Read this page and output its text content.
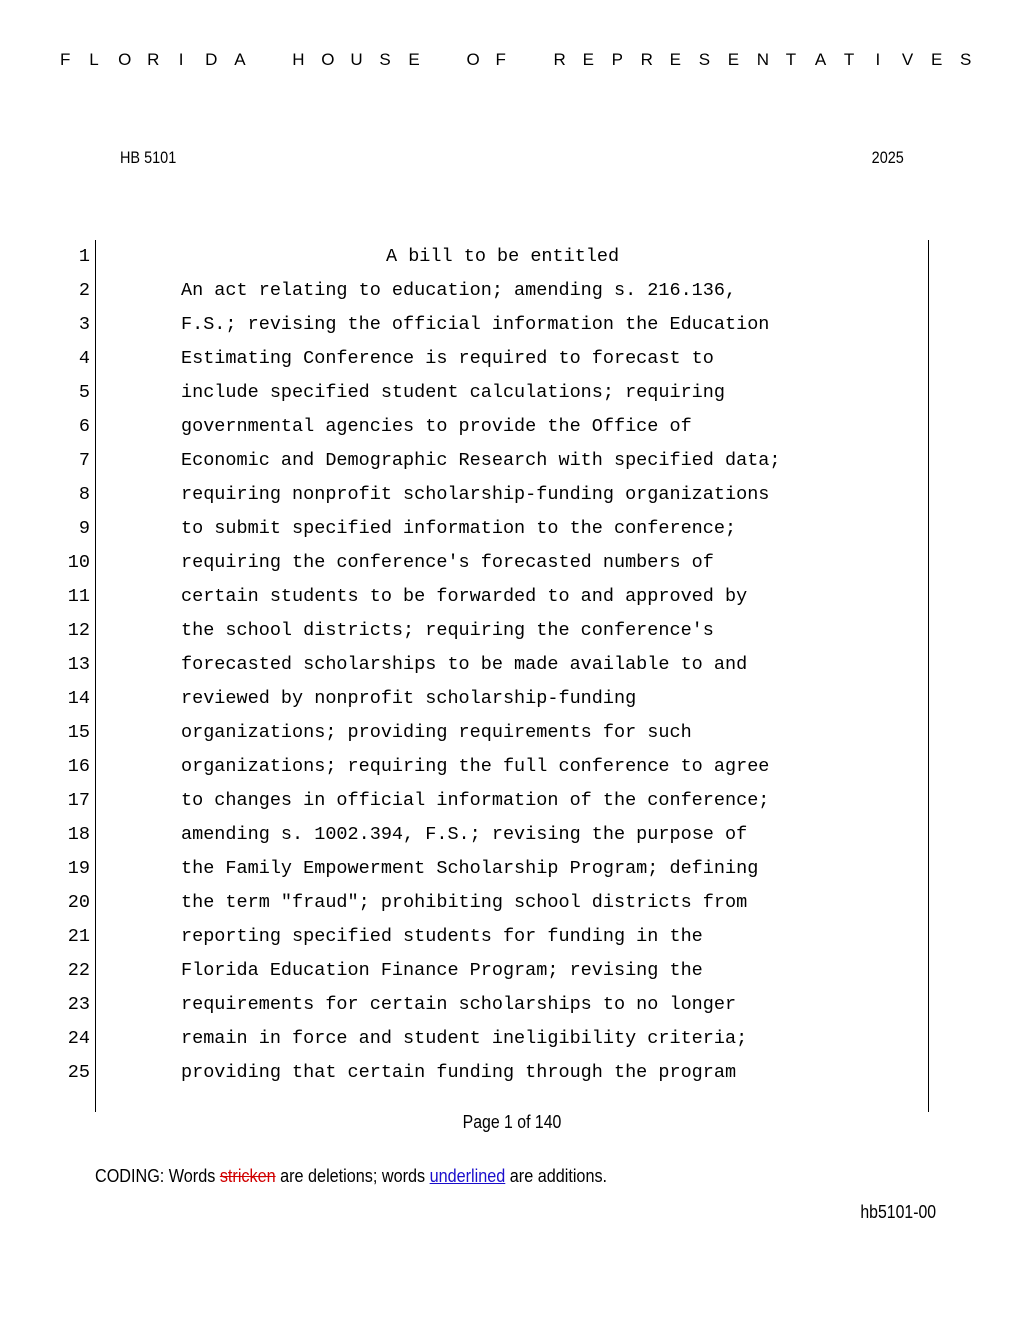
F L O R I D A	H O U S E	O F	R E P R E S E N T A T I V E S
HB 5101	2025
1	A bill to be entitled
2	An act relating to education; amending s. 216.136,
3	F.S.; revising the official information the Education
4	Estimating Conference is required to forecast to
5	include specified student calculations; requiring
6	governmental agencies to provide the Office of
7	Economic and Demographic Research with specified data;
8	requiring nonprofit scholarship-funding organizations
9	to submit specified information to the conference;
10	requiring the conference's forecasted numbers of
11	certain students to be forwarded to and approved by
12	the school districts; requiring the conference's
13	forecasted scholarships to be made available to and
14	reviewed by nonprofit scholarship-funding
15	organizations; providing requirements for such
16	organizations; requiring the full conference to agree
17	to changes in official information of the conference;
18	amending s. 1002.394, F.S.; revising the purpose of
19	the Family Empowerment Scholarship Program; defining
20	the term "fraud"; prohibiting school districts from
21	reporting specified students for funding in the
22	Florida Education Finance Program; revising the
23	requirements for certain scholarships to no longer
24	remain in force and student ineligibility criteria;
25	providing that certain funding through the program
Page 1 of 140
CODING: Words stricken are deletions; words underlined are additions.
hb5101-00
